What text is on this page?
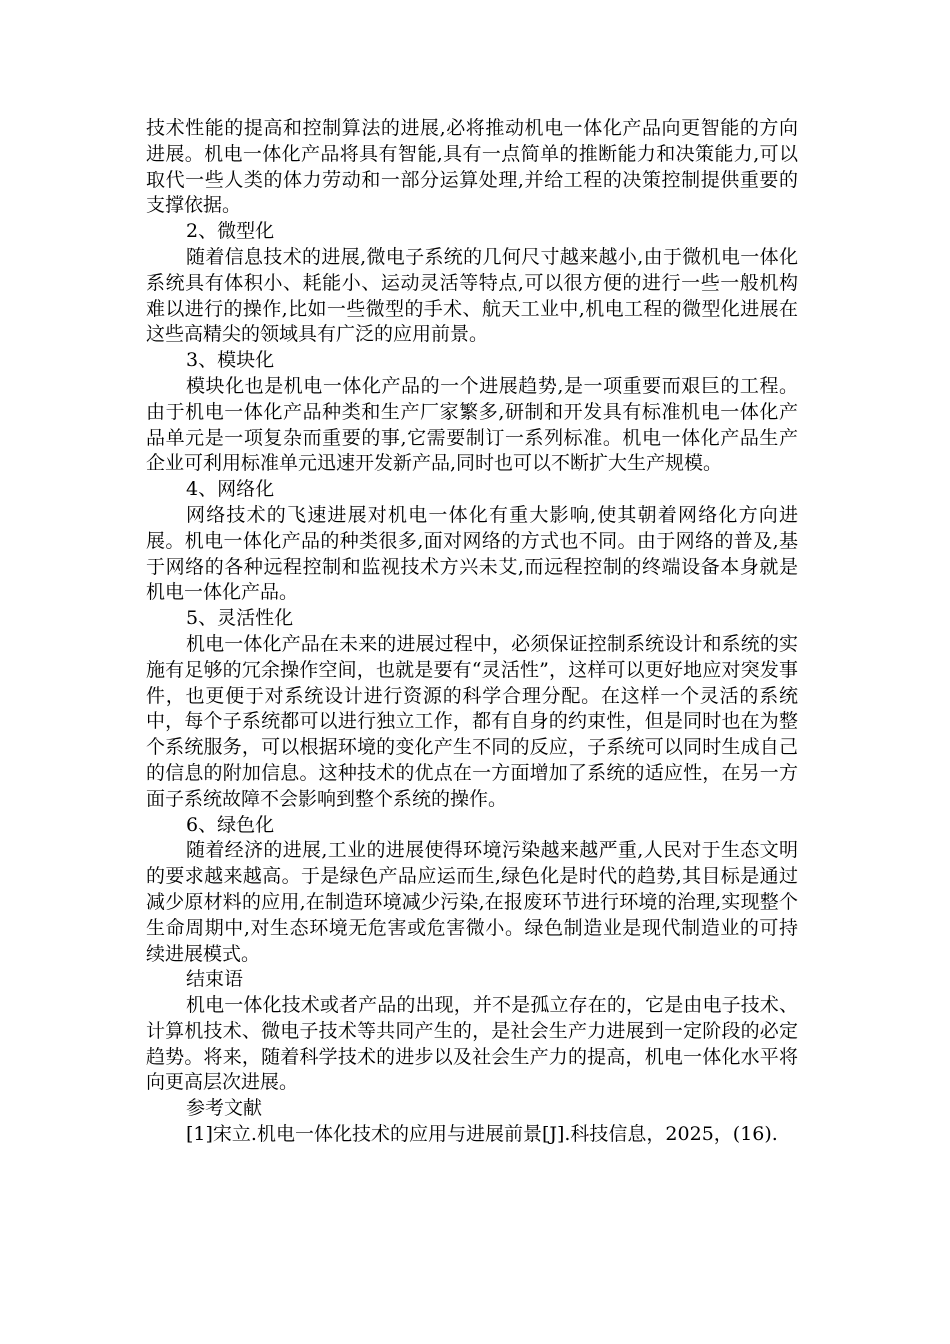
技术性能的提高和控制算法的进展,必将推动机电一体化产品向更智能的方向进展。机电一体化产品将具有智能,具有一点简单的推断能力和决策能力,可以取代一些人类的体力劳动和一部分运算处理,并给工程的决策控制提供重要的支撑依据。

2、微型化

随着信息技术的进展,微电子系统的几何尺寸越来越小,由于微机电一体化系统具有体积小、耗能小、运动灵活等特点,可以很方便的进行一些一般机构难以进行的操作,比如一些微型的手术、航天工业中,机电工程的微型化进展在这些高精尖的领域具有广泛的应用前景。

3、模块化

模块化也是机电一体化产品的一个进展趋势,是一项重要而艰巨的工程。由于机电一体化产品种类和生产厂家繁多,研制和开发具有标准机电一体化产品单元是一项复杂而重要的事,它需要制订一系列标准。机电一体化产品生产企业可利用标准单元迅速开发新产品,同时也可以不断扩大生产规模。

4、网络化

网络技术的飞速进展对机电一体化有重大影响,使其朝着网络化方向进展。机电一体化产品的种类很多,面对网络的方式也不同。由于网络的普及,基于网络的各种远程控制和监视技术方兴未艾,而远程控制的终端设备本身就是机电一体化产品。

5、灵活性化

机电一体化产品在未来的进展过程中，必须保证控制系统设计和系统的实施有足够的冗余操作空间，也就是要有“灵活性”，这样可以更好地应对突发事件，也更便于对系统设计进行资源的科学合理分配。在这样一个灵活的系统中，每个子系统都可以进行独立工作，都有自身的约束性，但是同时也在为整个系统服务，可以根据环境的变化产生不同的反应，子系统可以同时生成自己的信息的附加信息。这种技术的优点在一方面增加了系统的适应性，在另一方面子系统故障不会影响到整个系统的操作。

6、绿色化

随着经济的进展,工业的进展使得环境污染越来越严重,人民对于生态文明的要求越来越高。于是绿色产品应运而生,绿色化是时代的趋势,其目标是通过减少原材料的应用,在制造环境减少污染,在报废环节进行环境的治理,实现整个生命周期中,对生态环境无危害或危害微小。绿色制造业是现代制造业的可持续进展模式。

结束语

机电一体化技术或者产品的出现，并不是孤立存在的，它是由电子技术、计算机技术、微电子技术等共同产生的，是社会生产力进展到一定阶段的必定趋势。将来，随着科学技术的进步以及社会生产力的提高，机电一体化水平将向更高层次进展。

参考文献

[1]宋立.机电一体化技术的应用与进展前景[J].科技信息，2025，(16).
